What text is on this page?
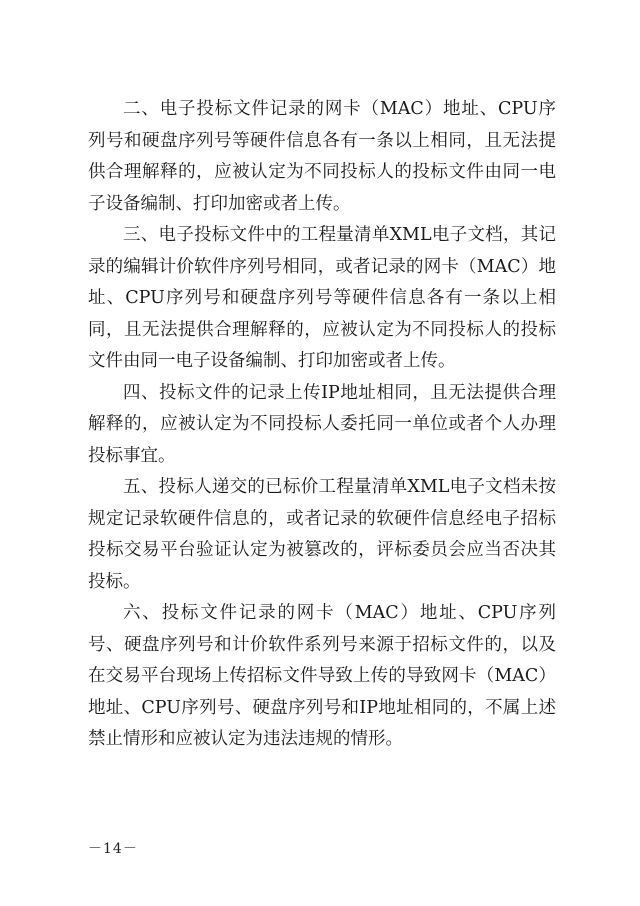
二、电子投标文件记录的网卡（MAC）地址、CPU序列号和硬盘序列号等硬件信息各有一条以上相同，且无法提供合理解释的，应被认定为不同投标人的投标文件由同一电子设备编制、打印加密或者上传。

三、电子投标文件中的工程量清单XML电子文档，其记录的编辑计价软件序列号相同，或者记录的网卡（MAC）地址、CPU序列号和硬盘序列号等硬件信息各有一条以上相同，且无法提供合理解释的，应被认定为不同投标人的投标文件由同一电子设备编制、打印加密或者上传。

四、投标文件的记录上传IP地址相同，且无法提供合理解释的，应被认定为不同投标人委托同一单位或者个人办理投标事宜。

五、投标人递交的已标价工程量清单XML电子文档未按规定记录软硬件信息的，或者记录的软硬件信息经电子招标投标交易平台验证认定为被篡改的，评标委员会应当否决其投标。

六、投标文件记录的网卡（MAC）地址、CPU序列号、硬盘序列号和计价软件系列号来源于招标文件的，以及在交易平台现场上传招标文件导致上传的导致网卡（MAC）地址、CPU序列号、硬盘序列号和IP地址相同的，不属上述禁止情形和应被认定为违法违规的情形。

－14－
